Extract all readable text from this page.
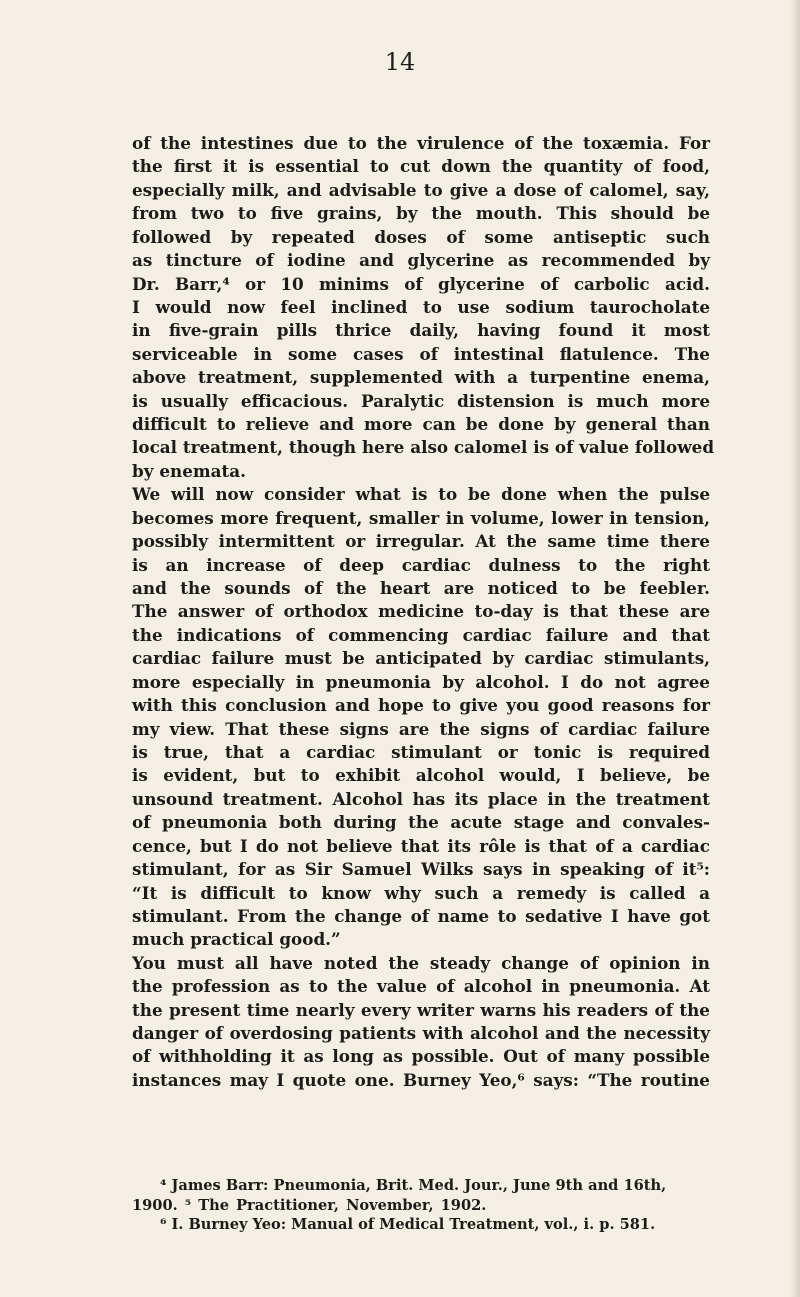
14
of the intestines due to the virulence of the toxæmia. For
the first it is essential to cut down the quantity of food,
especially milk, and advisable to give a dose of calomel, say,
from two to five grains, by the mouth. This should be
followed by repeated doses of some antiseptic such
as tincture of iodine and glycerine as recommended by
Dr. Barr,⁴ or 10 minims of glycerine of carbolic acid.
I would now feel inclined to use sodium taurocholate
in five-grain pills thrice daily, having found it most
serviceable in some cases of intestinal flatulence. The
above treatment, supplemented with a turpentine enema,
is usually efficacious. Paralytic distension is much more
difficult to relieve and more can be done by general than
local treatment, though here also calomel is of value followed
by enemata.
We will now consider what is to be done when the pulse
becomes more frequent, smaller in volume, lower in tension,
possibly intermittent or irregular. At the same time there
is an increase of deep cardiac dulness to the right
and the sounds of the heart are noticed to be feebler.
The answer of orthodox medicine to-day is that these are
the indications of commencing cardiac failure and that
cardiac failure must be anticipated by cardiac stimulants,
more especially in pneumonia by alcohol. I do not agree
with this conclusion and hope to give you good reasons for
my view. That these signs are the signs of cardiac failure
is true, that a cardiac stimulant or tonic is required
is evident, but to exhibit alcohol would, I believe, be
unsound treatment. Alcohol has its place in the treatment
of pneumonia both during the acute stage and convales-
cence, but I do not believe that its rôle is that of a cardiac
stimulant, for as Sir Samuel Wilks says in speaking of it⁵:
“It is difficult to know why such a remedy is called a
stimulant. From the change of name to sedative I have got
much practical good.”
You must all have noted the steady change of opinion in
the profession as to the value of alcohol in pneumonia. At
the present time nearly every writer warns his readers of the
danger of overdosing patients with alcohol and the necessity
of withholding it as long as possible. Out of many possible
instances may I quote one. Burney Yeo,⁶ says: “The routine
⁴ James Barr: Pneumonia, Brit. Med. Jour., June 9th and 16th,
1900. ⁵ The Practitioner, November, 1902.
⁶ I. Burney Yeo: Manual of Medical Treatment, vol., i. p. 581.
